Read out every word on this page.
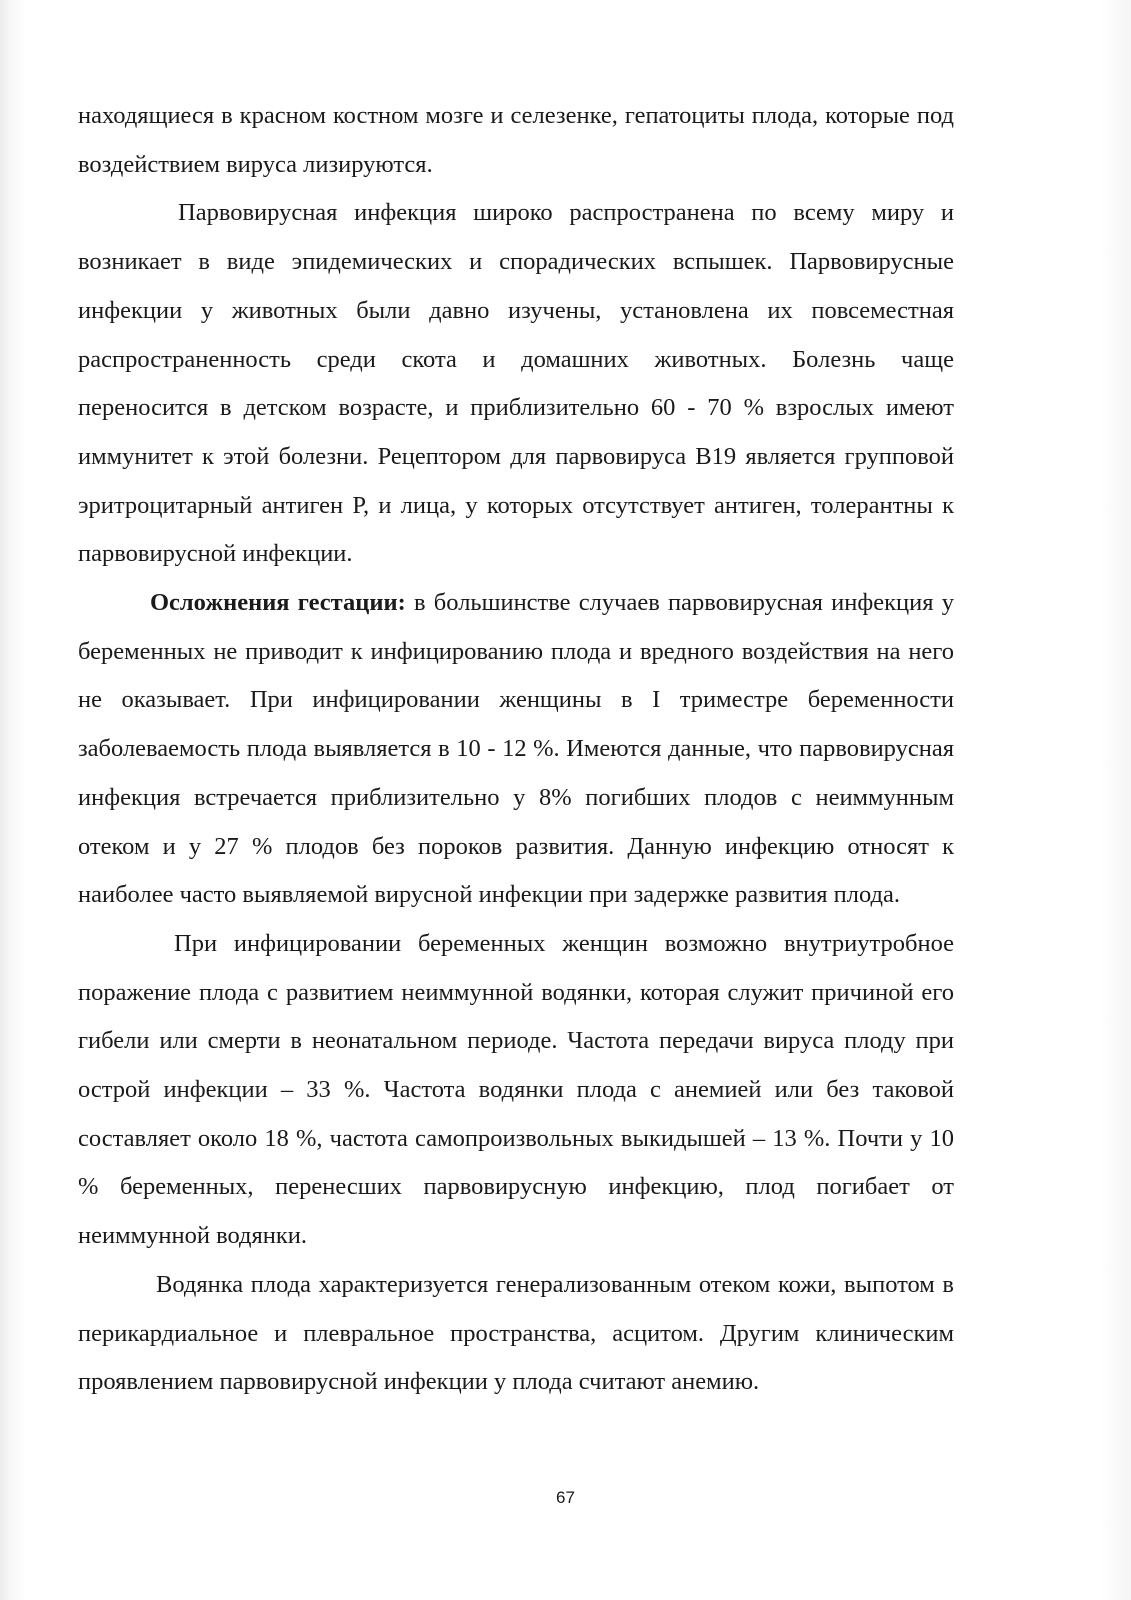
находящиеся в красном костном мозге и селезенке, гепатоциты плода, которые под воздействием вируса лизируются.

Парвовирусная инфекция широко распространена по всему миру и возникает в виде эпидемических и спорадических вспышек. Парвовирусные инфекции у животных были давно изучены, установлена их повсеместная распространенность среди скота и домашних животных. Болезнь чаще переносится в детском возрасте, и приблизительно 60 - 70 % взрослых имеют иммунитет к этой болезни. Рецептором для парвовируса В19 является групповой эритроцитарный антиген Р, и лица, у которых отсутствует антиген, толерантны к парвовирусной инфекции.

Осложнения гестации: в большинстве случаев парвовирусная инфекция у беременных не приводит к инфицированию плода и вредного воздействия на него не оказывает. При инфицировании женщины в I триместре беременности заболеваемость плода выявляется в 10 - 12 %. Имеются данные, что парвовирусная инфекция встречается приблизительно у 8% погибших плодов с неиммунным отеком и у 27 % плодов без пороков развития. Данную инфекцию относят к наиболее часто выявляемой вирусной инфекции при задержке развития плода.

При инфицировании беременных женщин возможно внутриутробное поражение плода с развитием неиммунной водянки, которая служит причиной его гибели или смерти в неонатальном периоде. Частота передачи вируса плоду при острой инфекции – 33 %. Частота водянки плода с анемией или без таковой составляет около 18 %, частота самопроизвольных выкидышей – 13 %. Почти у 10 % беременных, перенесших парвовирусную инфекцию, плод погибает от неиммунной водянки.

Водянка плода характеризуется генерализованным отеком кожи, выпотом в перикардиальное и плевральное пространства, асцитом. Другим клиническим проявлением парвовирусной инфекции у плода считают анемию.

67
